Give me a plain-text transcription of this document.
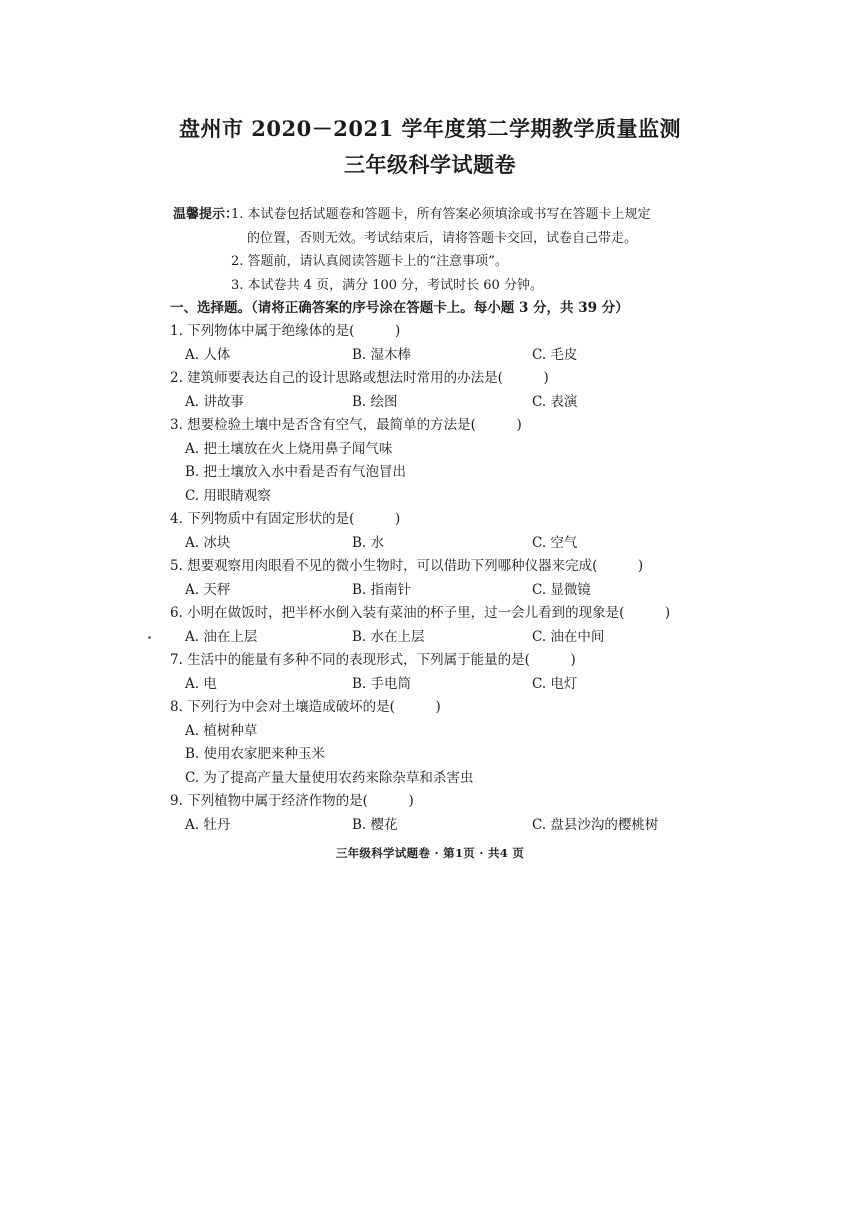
盘州市 2020－2021 学年度第二学期教学质量监测
三年级科学试题卷
温馨提示：
1. 本试卷包括试题卷和答题卡，所有答案必须填涂或书写在答题卡上规定
的位置，否则无效。考试结束后，请将答题卡交回，试卷自己带走。
2. 答题前，请认真阅读答题卡上的“注意事项”。
3. 本试卷共 4 页，满分 100 分，考试时长 60 分钟。
一、选择题。（请将正确答案的序号涂在答题卡上。每小题 3 分，共 39 分）
1. 下列物体中属于绝缘体的是(　　　)
A. 人体	B. 湿木棒	C. 毛皮
2. 建筑师要表达自己的设计思路或想法时常用的办法是(　　　)
A. 讲故事	B. 绘图	C. 表演
3. 想要检验土壤中是否含有空气，最简单的方法是(　　　)
A. 把土壤放在火上烧用鼻子闻气味
B. 把土壤放入水中看是否有气泡冒出
C. 用眼睛观察
4. 下列物质中有固定形状的是(　　　)
A. 冰块	B. 水	C. 空气
5. 想要观察用肉眼看不见的微小生物时，可以借助下列哪种仪器来完成(　　　)
A. 天秤	B. 指南针	C. 显微镜
6. 小明在做饭时，把半杯水倒入装有菜油的杯子里，过一会儿看到的现象是(　　　)
A. 油在上层	B. 水在上层	C. 油在中间
7. 生活中的能量有多种不同的表现形式，下列属于能量的是(　　　)
A. 电	B. 手电筒	C. 电灯
8. 下列行为中会对土壤造成破坏的是(　　　)
A. 植树种草
B. 使用农家肥来种玉米
C. 为了提高产量大量使用农药来除杂草和杀害虫
9. 下列植物中属于经济作物的是(　　　)
A. 牡丹	B. 樱花	C. 盘县沙沟的樱桃树
三年级科学试题卷 · 第1页 · 共4 页
